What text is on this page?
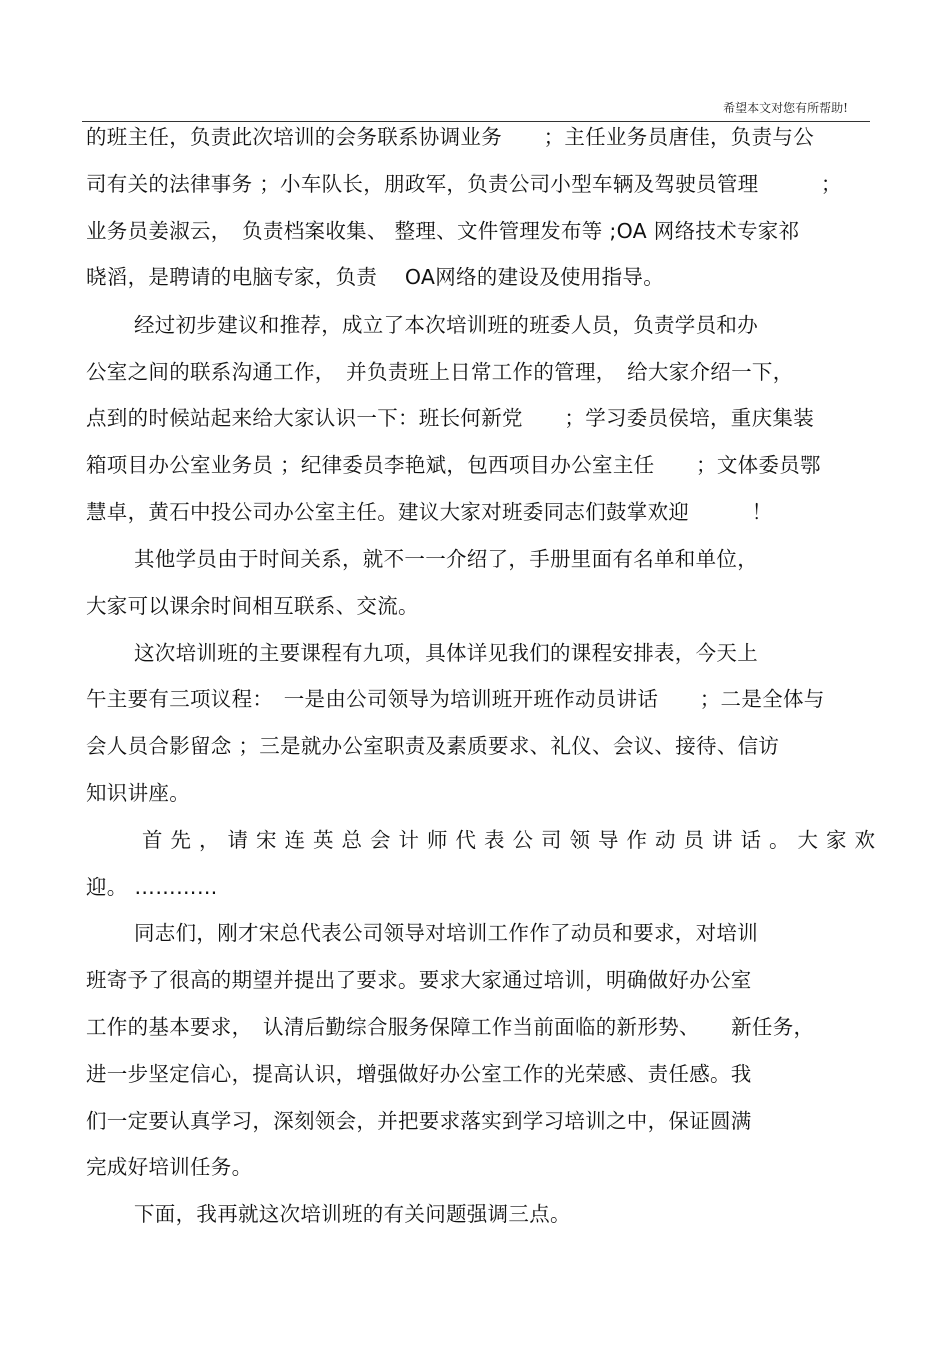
希望本文对您有所帮助!
的班主任，负责此次培训的会务联系协调业务　　；主任业务员唐佳，负责与公
司有关的法律事务 ；小车队长，朋政军，负责公司小型车辆及驾驶员管理　　　；
业务员姜淑云，　负责档案收集、 整理、文件管理发布等 ;OA 网络技术专家祁
晓滔，是聘请的电脑专家，负责　 OA网络的建设及使用指导。
经过初步建议和推荐，成立了本次培训班的班委人员，负责学员和办
公室之间的联系沟通工作，　并负责班上日常工作的管理，　给大家介绍一下，
点到的时候站起来给大家认识一下：班长何新党　　；学习委员侯培，重庆集装
箱项目办公室业务员 ；纪律委员李艳斌，包西项目办公室主任　　；文体委员鄂
慧卓，黄石中投公司办公室主任。建议大家对班委同志们鼓掌欢迎　　　！
其他学员由于时间关系，就不一一介绍了，手册里面有名单和单位，
大家可以课余时间相互联系、交流。
这次培训班的主要课程有九项，具体详见我们的课程安排表，今天上
午主要有三项议程：　一是由公司领导为培训班开班作动员讲话　　；二是全体与
会人员合影留念 ；三是就办公室职责及素质要求、礼仪、会议、接待、信访
知识讲座。
首先，请宋连英总会计师代表公司领导作动员讲话。大家欢
迎。 …………
同志们，刚才宋总代表公司领导对培训工作作了动员和要求，对培训
班寄予了很高的期望并提出了要求。要求大家通过培训，明确做好办公室
工作的基本要求，　认清后勤综合服务保障工作当前面临的新形势、　　新任务，
进一步坚定信心，提高认识，增强做好办公室工作的光荣感、责任感。我
们一定要认真学习，深刻领会，并把要求落实到学习培训之中，保证圆满
完成好培训任务。
下面，我再就这次培训班的有关问题强调三点。
